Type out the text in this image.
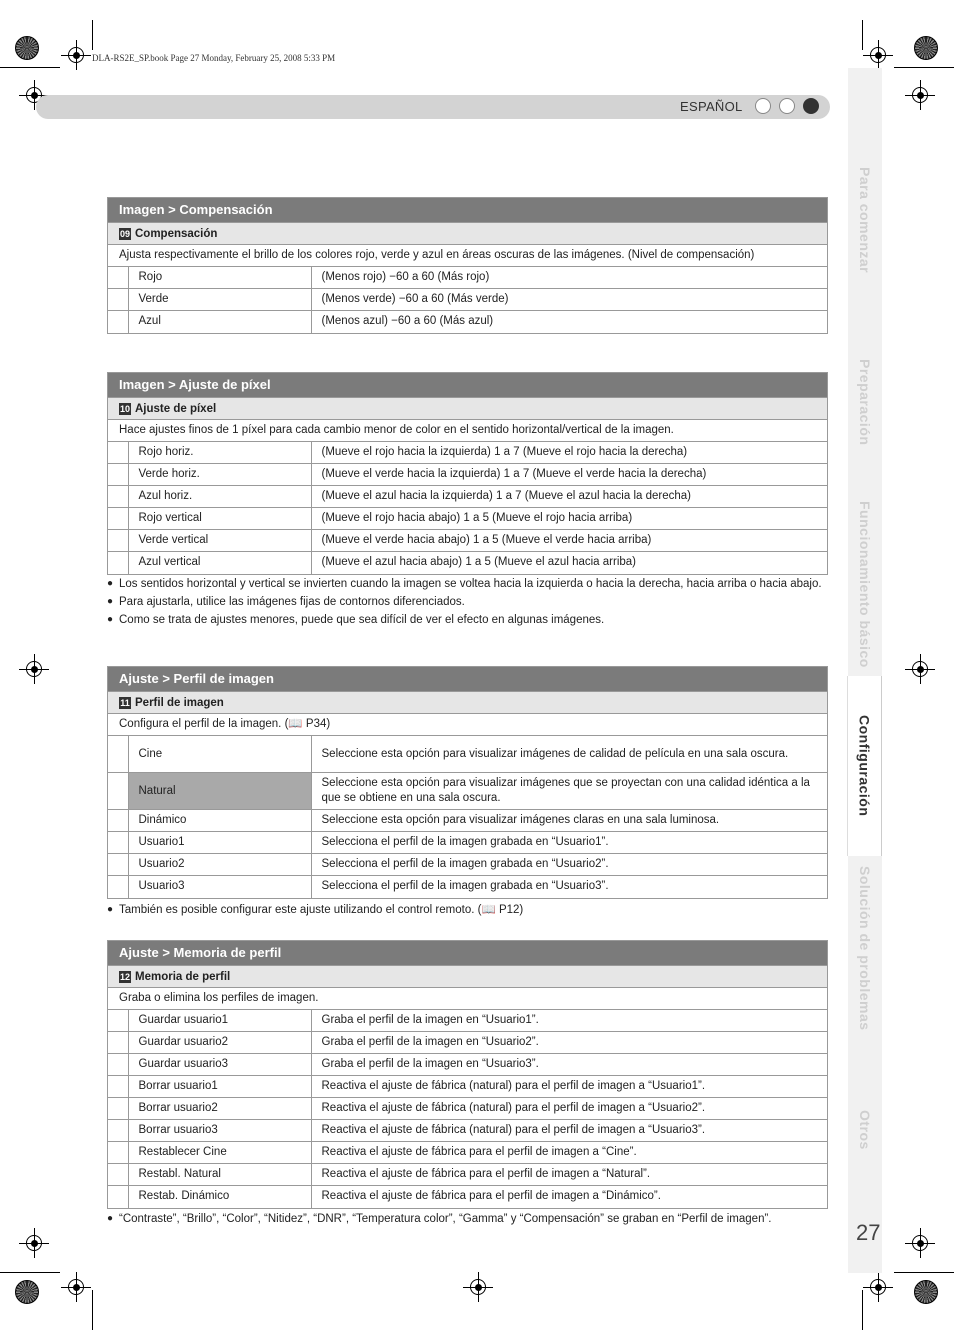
DLA-RS2E_SP.book Page 27 Monday, February 25, 2008 5:33 PM
ESPAÑOL
Para comenzar
Preparación
Funcionamiento básico
Configuración
Solución de problemas
Otros
27
Imagen > Compensación
09 Compensación
Ajusta respectivamente el brillo de los colores rojo, verde y azul en áreas oscuras de las imágenes. (Nivel de compensación)
	Rojo	(Menos rojo) −60 a 60 (Más rojo)
	Verde	(Menos verde) −60 a 60 (Más verde)
	Azul	(Menos azul) −60 a 60 (Más azul)
Imagen > Ajuste de píxel
10 Ajuste de píxel
Hace ajustes finos de 1 píxel para cada cambio menor de color en el sentido horizontal/vertical de la imagen.
	Rojo horiz.	(Mueve el rojo hacia la izquierda) 1 a 7 (Mueve el rojo hacia la derecha)
	Verde horiz.	(Mueve el verde hacia la izquierda) 1 a 7 (Mueve el verde hacia la derecha)
	Azul horiz.	(Mueve el azul hacia la izquierda) 1 a 7 (Mueve el azul hacia la derecha)
	Rojo vertical	(Mueve el rojo hacia abajo) 1 a 5 (Mueve el rojo hacia arriba)
	Verde vertical	(Mueve el verde hacia abajo) 1 a 5 (Mueve el verde hacia arriba)
	Azul vertical	(Mueve el azul hacia abajo) 1 a 5 (Mueve el azul hacia arriba)
● Los sentidos horizontal y vertical se invierten cuando la imagen se voltea hacia la izquierda o hacia la derecha, hacia arriba o hacia abajo.
● Para ajustarla, utilice las imágenes fijas de contornos diferenciados.
● Como se trata de ajustes menores, puede que sea difícil de ver el efecto en algunas imágenes.
Ajuste > Perfil de imagen
11 Perfil de imagen
Configura el perfil de la imagen. (📖 P34)
	Cine	Seleccione esta opción para visualizar imágenes de calidad de película en una sala oscura.
	Natural	Seleccione esta opción para visualizar imágenes que se proyectan con una calidad idéntica a la que se obtiene en una sala oscura.
	Dinámico	Seleccione esta opción para visualizar imágenes claras en una sala luminosa.
	Usuario1	Selecciona el perfil de la imagen grabada en “Usuario1”.
	Usuario2	Selecciona el perfil de la imagen grabada en “Usuario2”.
	Usuario3	Selecciona el perfil de la imagen grabada en “Usuario3”.
● También es posible configurar este ajuste utilizando el control remoto. (📖 P12)
Ajuste > Memoria de perfil
12 Memoria de perfil
Graba o elimina los perfiles de imagen.
	Guardar usuario1	Graba el perfil de la imagen en “Usuario1”.
	Guardar usuario2	Graba el perfil de la imagen en “Usuario2”.
	Guardar usuario3	Graba el perfil de la imagen en “Usuario3”.
	Borrar usuario1	Reactiva el ajuste de fábrica (natural) para el perfil de imagen a “Usuario1”.
	Borrar usuario2	Reactiva el ajuste de fábrica (natural) para el perfil de imagen a “Usuario2”.
	Borrar usuario3	Reactiva el ajuste de fábrica (natural) para el perfil de imagen a “Usuario3”.
	Restablecer Cine	Reactiva el ajuste de fábrica para el perfil de imagen a “Cine”.
	Restabl. Natural	Reactiva el ajuste de fábrica para el perfil de imagen a “Natural”.
	Restab. Dinámico	Reactiva el ajuste de fábrica para el perfil de imagen a “Dinámico”.
● “Contraste”, “Brillo”, “Color”, “Nitidez”, “DNR”, “Temperatura color”, “Gamma” y “Compensación” se graban en “Perfil de imagen”.
